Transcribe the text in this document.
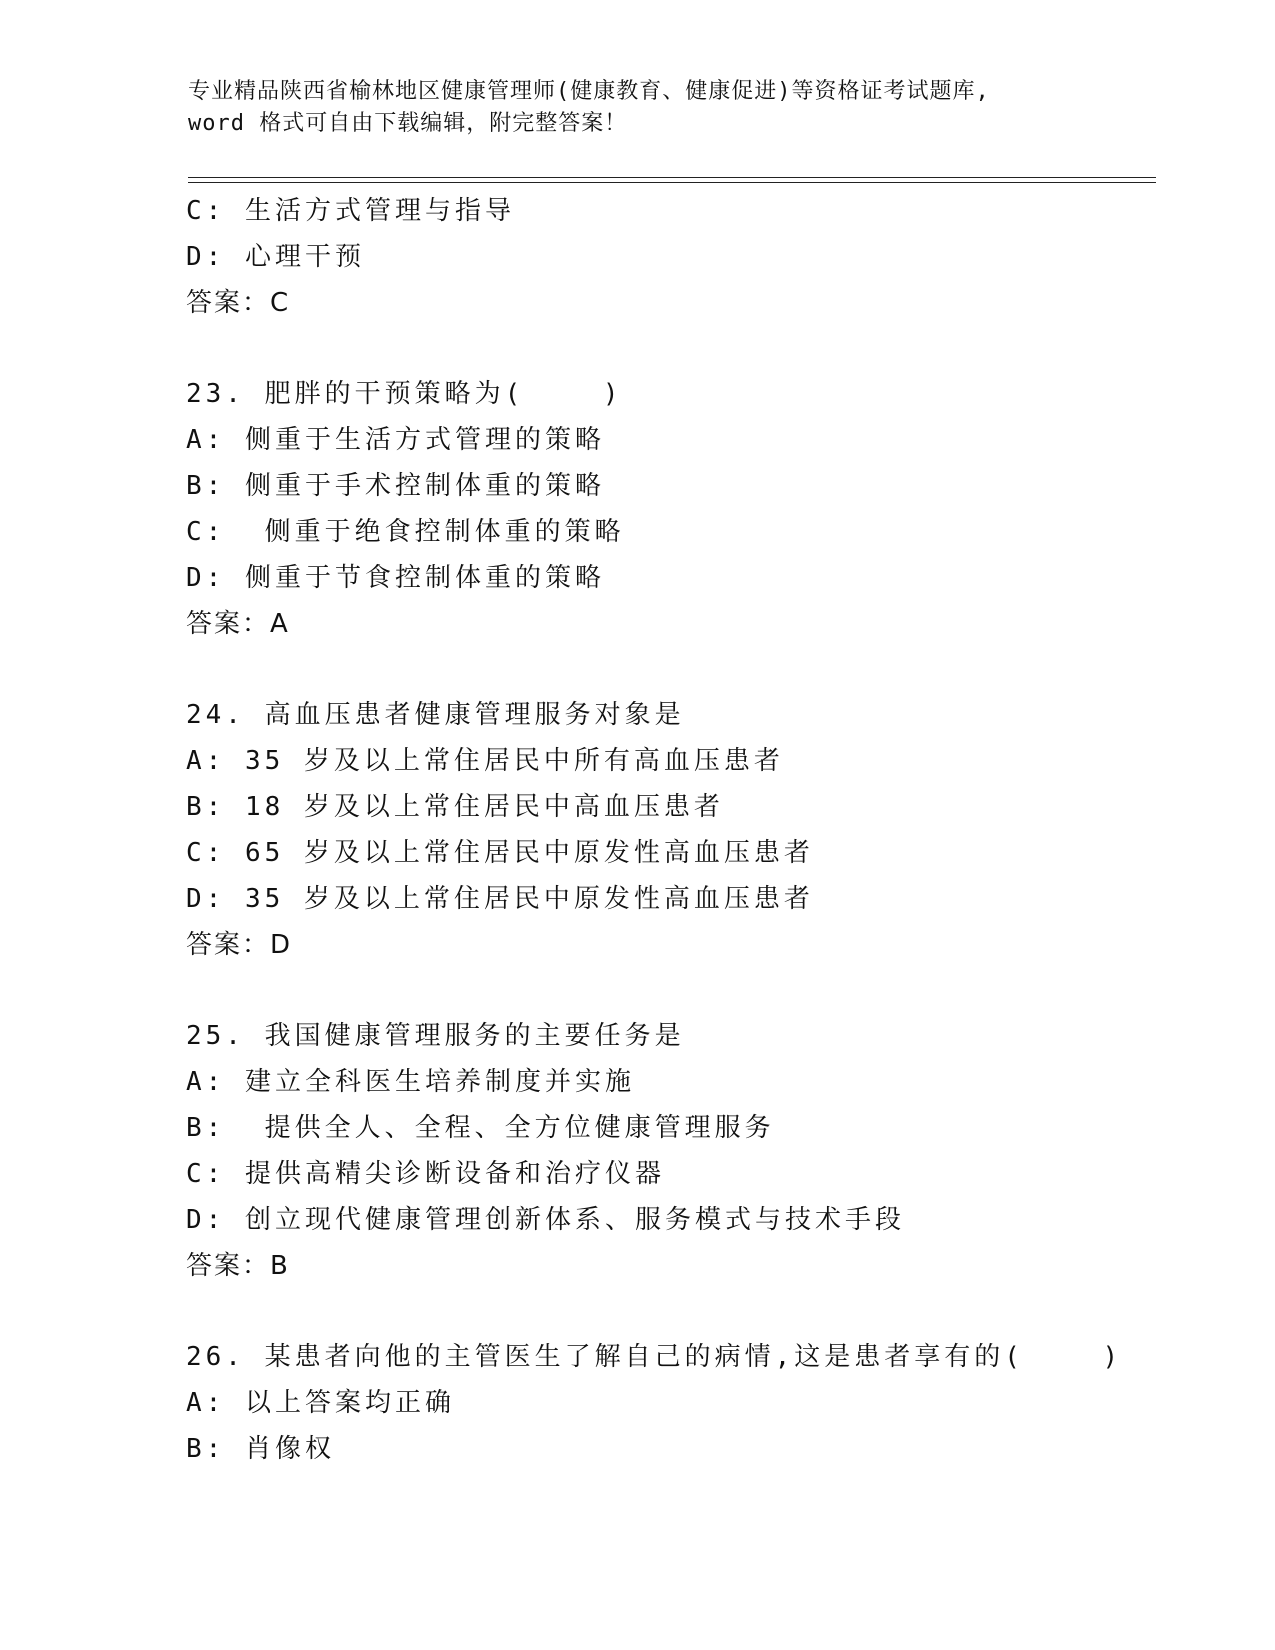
专业精品陕西省榆林地区健康管理师(健康教育、健康促进)等资格证考试题库,
word 格式可自由下载编辑，附完整答案！
C: 生活方式管理与指导
D: 心理干预
答案：C
23. 肥胖的干预策略为(    )
A: 侧重于生活方式管理的策略
B: 侧重于手术控制体重的策略
C:  侧重于绝食控制体重的策略
D: 侧重于节食控制体重的策略
答案：A
24. 高血压患者健康管理服务对象是
A: 35 岁及以上常住居民中所有高血压患者
B: 18 岁及以上常住居民中高血压患者
C: 65 岁及以上常住居民中原发性高血压患者
D: 35 岁及以上常住居民中原发性高血压患者
答案：D
25. 我国健康管理服务的主要任务是
A: 建立全科医生培养制度并实施
B:  提供全人、全程、全方位健康管理服务
C: 提供高精尖诊断设备和治疗仪器
D: 创立现代健康管理创新体系、服务模式与技术手段
答案：B
26. 某患者向他的主管医生了解自己的病情,这是患者享有的(    )
A: 以上答案均正确
B: 肖像权
